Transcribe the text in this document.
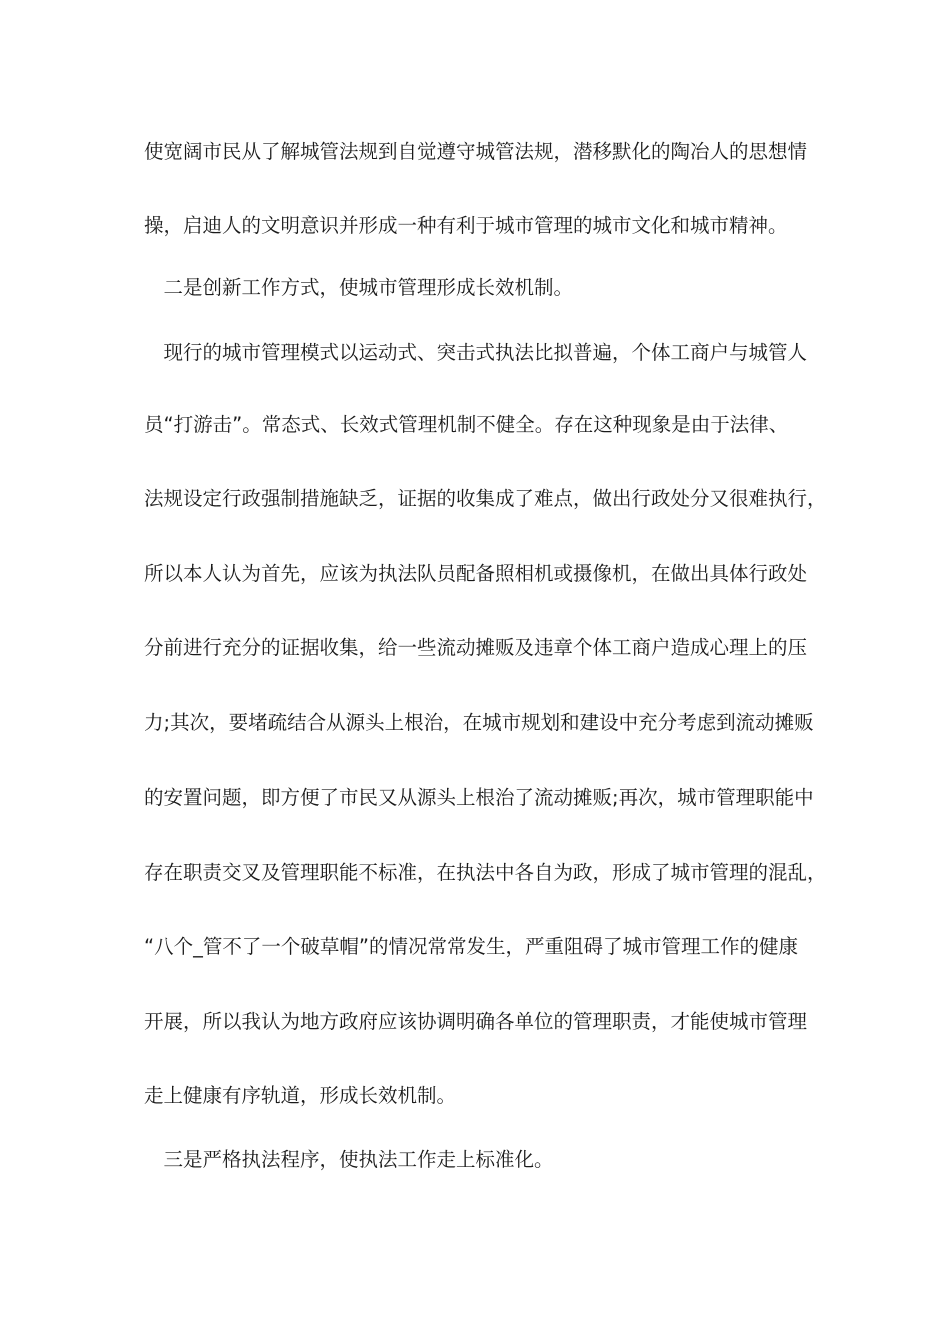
使宽阔市民从了解城管法规到自觉遵守城管法规，潜移默化的陶冶人的思想情
操，启迪人的文明意识并形成一种有利于城市管理的城市文化和城市精神。
　二是创新工作方式，使城市管理形成长效机制。
　现行的城市管理模式以运动式、突击式执法比拟普遍，个体工商户与城管人
员“打游击”。常态式、长效式管理机制不健全。存在这种现象是由于法律、
法规设定行政强制措施缺乏，证据的收集成了难点，做出行政处分又很难执行，
所以本人认为首先，应该为执法队员配备照相机或摄像机，在做出具体行政处
分前进行充分的证据收集，给一些流动摊贩及违章个体工商户造成心理上的压
力;其次，要堵疏结合从源头上根治，在城市规划和建设中充分考虑到流动摊贩
的安置问题，即方便了市民又从源头上根治了流动摊贩;再次，城市管理职能中
存在职责交叉及管理职能不标准，在执法中各自为政，形成了城市管理的混乱，
“八个_管不了一个破草帽”的情况常常发生，严重阻碍了城市管理工作的健康
开展，所以我认为地方政府应该协调明确各单位的管理职责，才能使城市管理
走上健康有序轨道，形成长效机制。
　三是严格执法程序，使执法工作走上标准化。
